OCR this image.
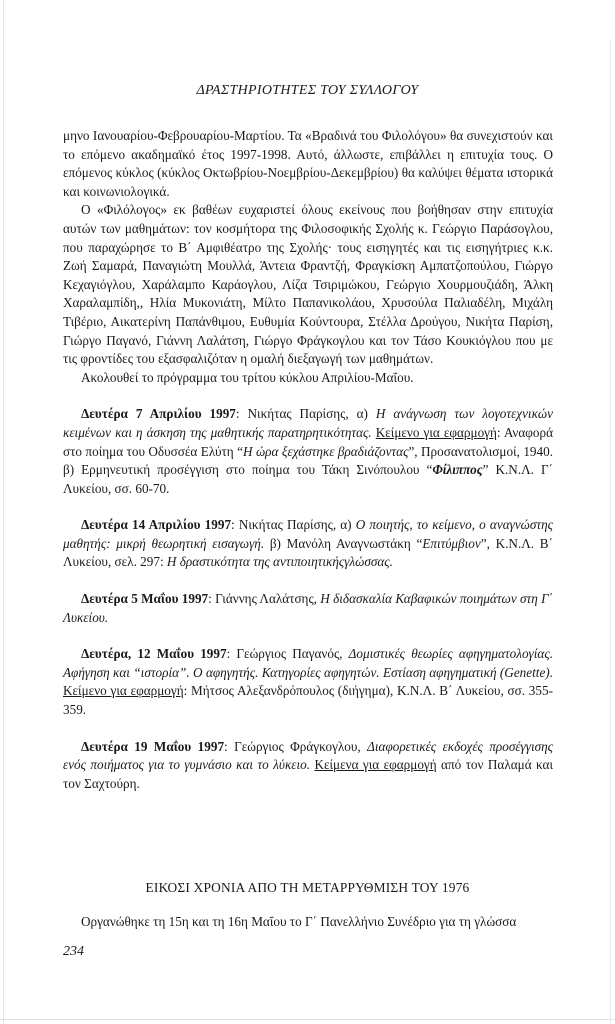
ΔΡΑΣΤΗΡΙΟΤΗΤΕΣ ΤΟΥ ΣΥΛΛΟΓΟΥ

μηνο Ιανουαρίου-Φεβρουαρίου-Μαρτίου. Τα «Βραδινά του Φιλολόγου» θα συνεχιστούν και το επόμενο ακαδημαϊκό έτος 1997-1998. Αυτό, άλλωστε, επιβάλλει η επιτυχία τους. Ο επόμενος κύκλος (κύκλος Οκτωβρίου-Νοεμβρίου-Δεκεμβρίου) θα καλύψει θέματα ιστορικά και κοινωνιολογικά.

Ο «Φιλόλογος» εκ βαθέων ευχαριστεί όλους εκείνους που βοήθησαν στην επιτυχία αυτών των μαθημάτων: τον κοσμήτορα της Φιλοσοφικής Σχολής κ. Γεώργιο Παράσογλου, που παραχώρησε το Β΄ Αμφιθέατρο της Σχολής· τους εισηγητές και τις εισηγήτριες κ.κ. Ζωή Σαμαρά, Παναγιώτη Μουλλά, Άντεια Φραντζή, Φραγκίσκη Αμπατζοπούλου, Γιώργο Κεχαγιόγλου, Χαράλαμπο Καράογλου, Λίζα Τσιριμώκου, Γεώργιο Χουρμουζιάδη, Άλκη Χαραλαμπίδη,, Ηλία Μυκονιάτη, Μίλτο Παπανικολάου, Χρυσούλα Παλιαδέλη, Μιχάλη Τιβέριο, Αικατερίνη Παπάνθιμου, Ευθυμία Κούντουρα, Στέλλα Δρούγου, Νικήτα Παρίση, Γιώργο Παγανό, Γιάννη Λαλάτση, Γιώργο Φράγκογλου και τον Τάσο Κουκιόγλου που με τις φροντίδες του εξασφαλιζόταν η ομαλή διεξαγωγή των μαθημάτων.

Ακολουθεί το πρόγραμμα του τρίτου κύκλου Απριλίου-Μαΐου.

Δευτέρα 7 Απριλίου 1997: Νικήτας Παρίσης, α) Η ανάγνωση των λογοτεχνικών κειμένων και η άσκηση της μαθητικής παρατηρητικότητας. Κείμενο για εφαρμογή: Αναφορά στο ποίημα του Οδυσσέα Ελύτη “Η ώρα ξεχάστηκε βραδιάζοντας”, Προσανατολισμοί, 1940. β) Ερμηνευτική προσέγγιση στο ποίημα του Τάκη Σινόπουλου “Φίλιππος” Κ.Ν.Λ. Γ΄ Λυκείου, σσ. 60-70.

Δευτέρα 14 Απριλίου 1997: Νικήτας Παρίσης, α) Ο ποιητής, το κείμενο, ο αναγνώστης μαθητής: μικρή θεωρητική εισαγωγή. β) Μανόλη Αναγνωστάκη “Επιτύμβιον”, Κ.Ν.Λ. Β΄ Λυκείου, σελ. 297: Η δραστικότητα της αντιποιητικήςγλώσσας.

Δευτέρα 5 Μαΐου 1997: Γιάννης Λαλάτσης, Η διδασκαλία Καβαφικών ποιημάτων στη Γ΄ Λυκείου.

Δευτέρα, 12 Μαΐου 1997: Γεώργιος Παγανός, Δομιστικές θεωρίες αφηγηματολογίας. Αφήγηση και “ιστορία”. Ο αφηγητής. Κατηγορίες αφηγητών. Εστίαση αφηγηματική (Genette). Κείμενο για εφαρμογή: Μήτσος Αλεξανδρόπουλος (διήγημα), Κ.Ν.Λ. Β΄ Λυκείου, σσ. 355-359.

Δευτέρα 19 Μαΐου 1997: Γεώργιος Φράγκογλου, Διαφορετικές εκδοχές προσέγγισης ενός ποιήματος για το γυμνάσιο και το λύκειο. Κείμενα για εφαρμογή από τον Παλαμά και τον Σαχτούρη.

ΕΙΚΟΣΙ ΧΡΟΝΙΑ ΑΠΟ ΤΗ ΜΕΤΑΡΡΥΘΜΙΣΗ ΤΟΥ 1976
Οργανώθηκε τη 15η και τη 16η Μαΐου το Γ΄ Πανελλήνιο Συνέδριο για τη γλώσσα
234
